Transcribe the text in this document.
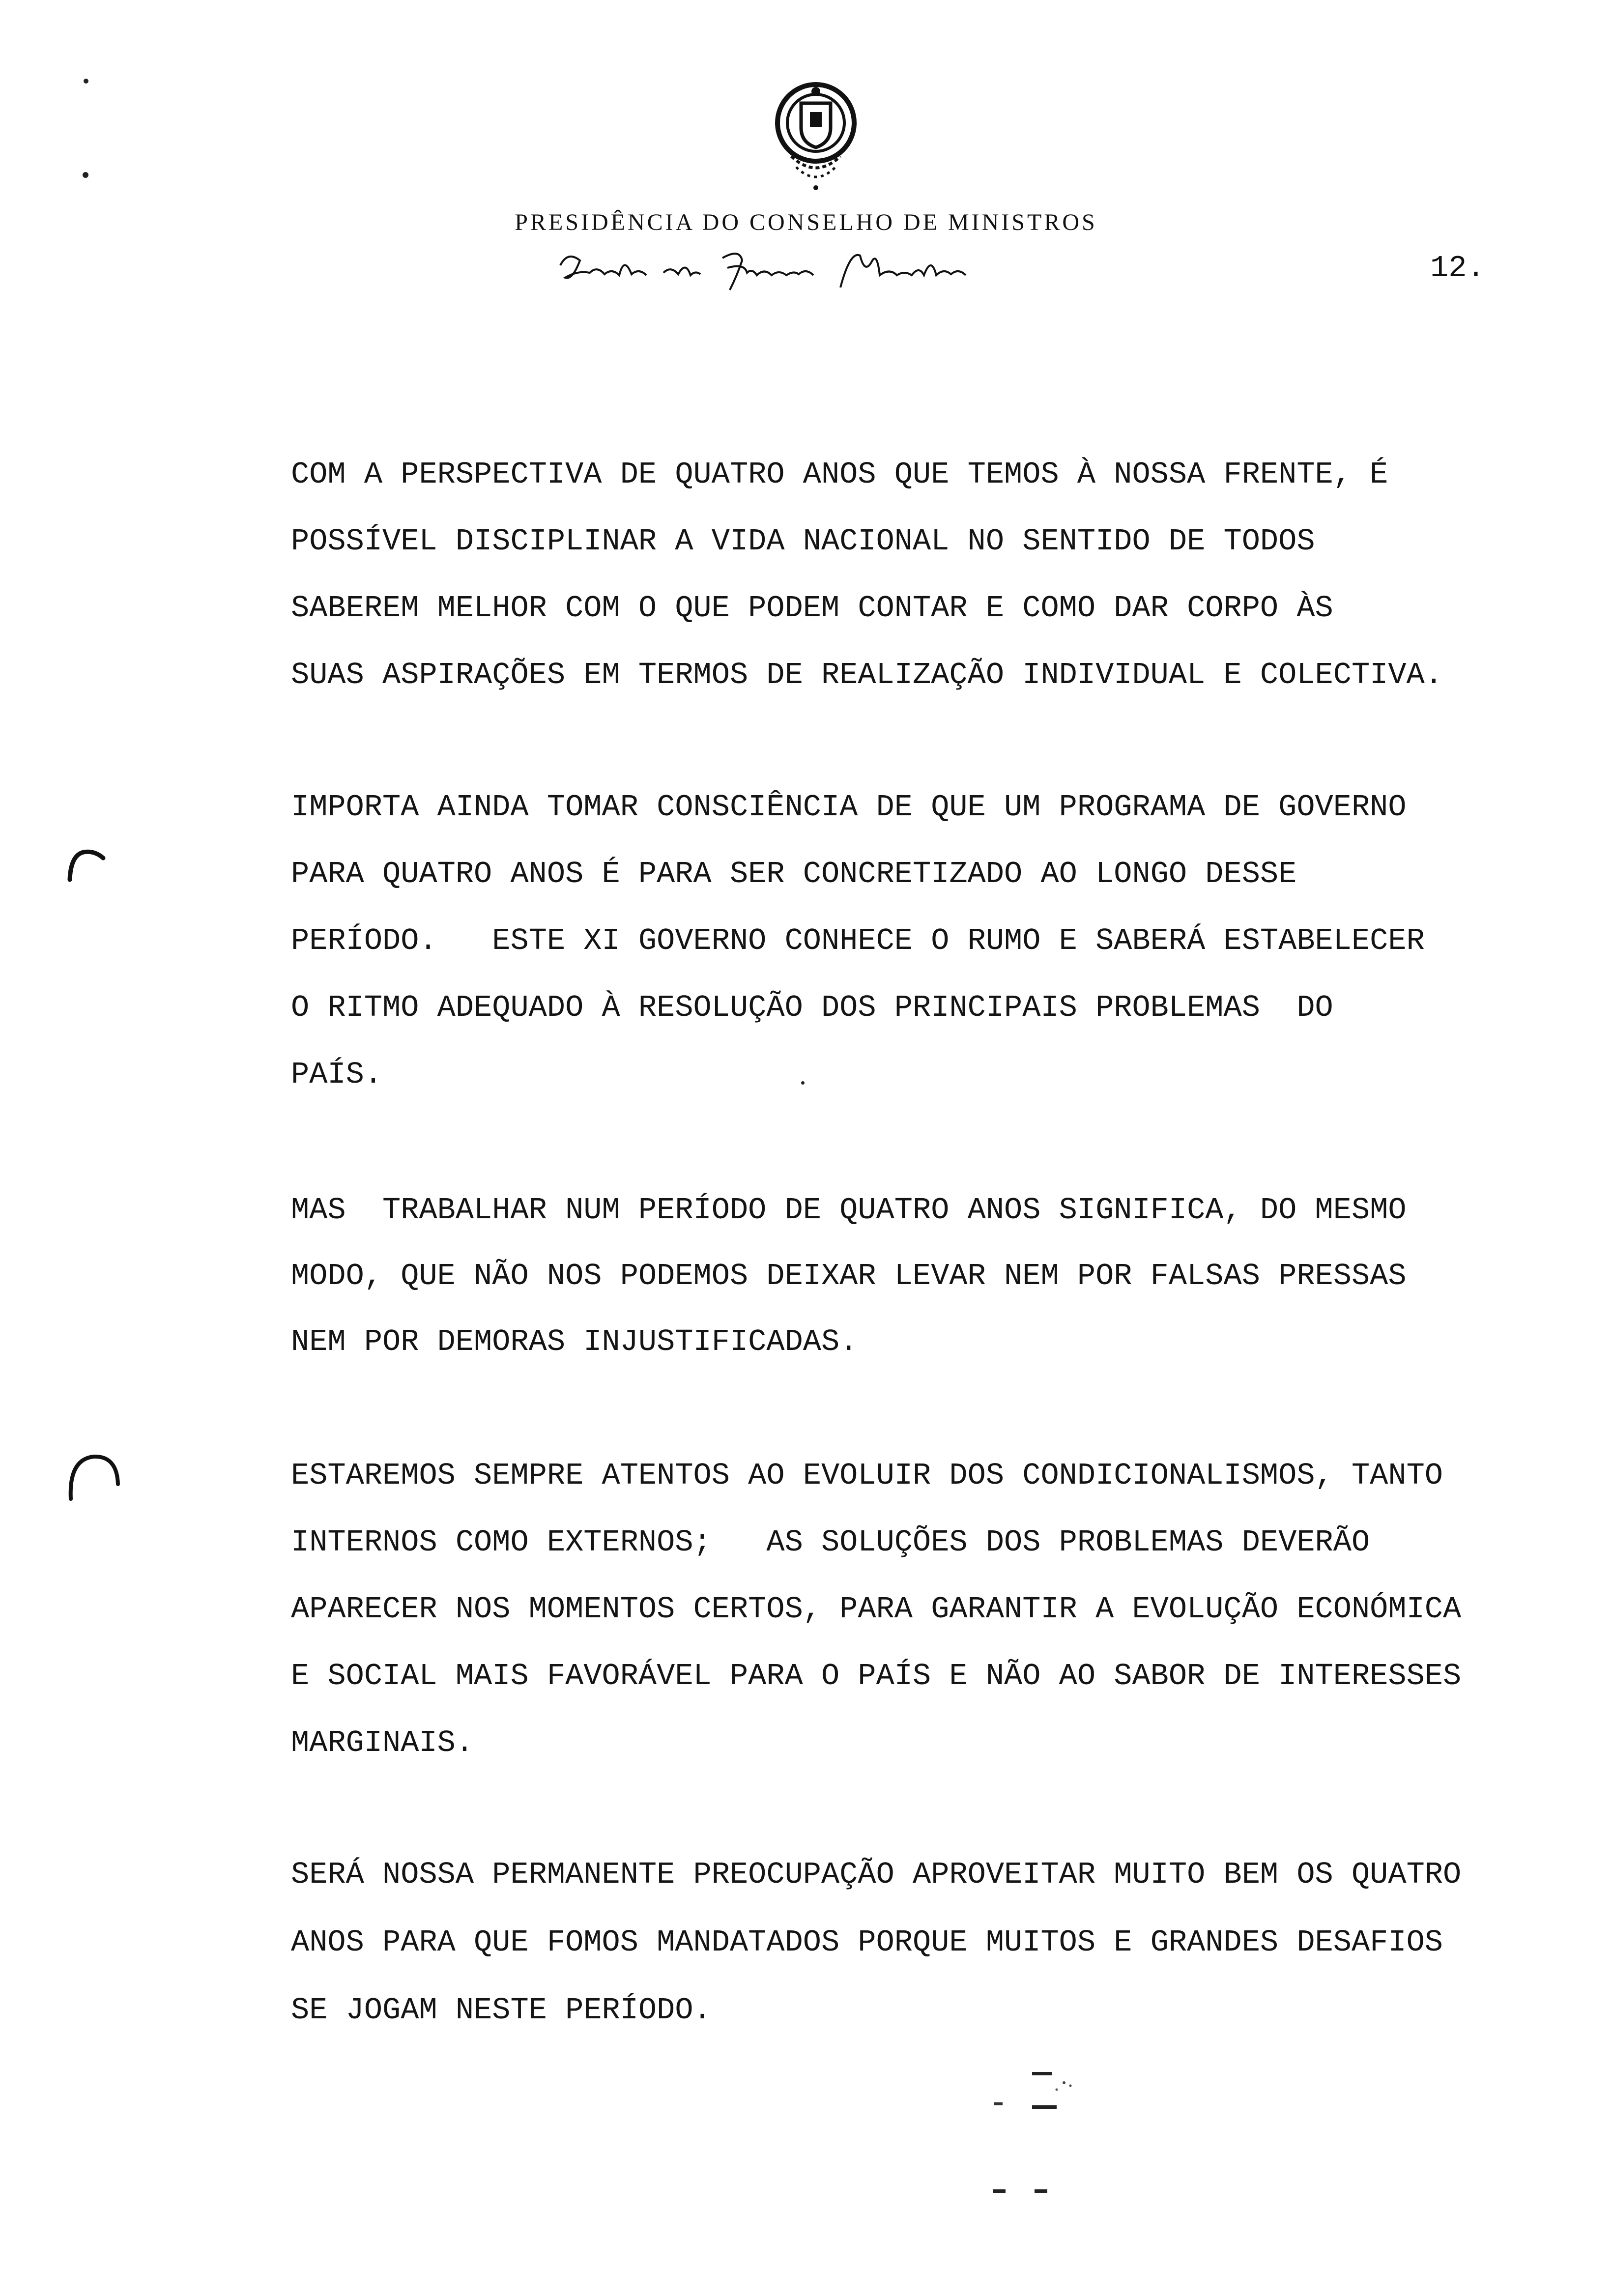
PRESIDÊNCIA DO CONSELHO DE MINISTROS
12.
COM A PERSPECTIVA DE QUATRO ANOS QUE TEMOS À NOSSA FRENTE, É
POSSÍVEL DISCIPLINAR A VIDA NACIONAL NO SENTIDO DE TODOS
SABEREM MELHOR COM O QUE PODEM CONTAR E COMO DAR CORPO ÀS
SUAS ASPIRAÇÕES EM TERMOS DE REALIZAÇÃO INDIVIDUAL E COLECTIVA.
IMPORTA AINDA TOMAR CONSCIÊNCIA DE QUE UM PROGRAMA DE GOVERNO
PARA QUATRO ANOS É PARA SER CONCRETIZADO AO LONGO DESSE
PERÍODO.   ESTE XI GOVERNO CONHECE O RUMO E SABERÁ ESTABELECER
O RITMO ADEQUADO À RESOLUÇÃO DOS PRINCIPAIS PROBLEMAS  DO
PAÍS.
MAS  TRABALHAR NUM PERÍODO DE QUATRO ANOS SIGNIFICA, DO MESMO
MODO, QUE NÃO NOS PODEMOS DEIXAR LEVAR NEM POR FALSAS PRESSAS
NEM POR DEMORAS INJUSTIFICADAS.
ESTAREMOS SEMPRE ATENTOS AO EVOLUIR DOS CONDICIONALISMOS, TANTO
INTERNOS COMO EXTERNOS;   AS SOLUÇÕES DOS PROBLEMAS DEVERÃO
APARECER NOS MOMENTOS CERTOS, PARA GARANTIR A EVOLUÇÃO ECONÓMICA
E SOCIAL MAIS FAVORÁVEL PARA O PAÍS E NÃO AO SABOR DE INTERESSES
MARGINAIS.
SERÁ NOSSA PERMANENTE PREOCUPAÇÃO APROVEITAR MUITO BEM OS QUATRO
ANOS PARA QUE FOMOS MANDATADOS PORQUE MUITOS E GRANDES DESAFIOS
SE JOGAM NESTE PERÍODO.
